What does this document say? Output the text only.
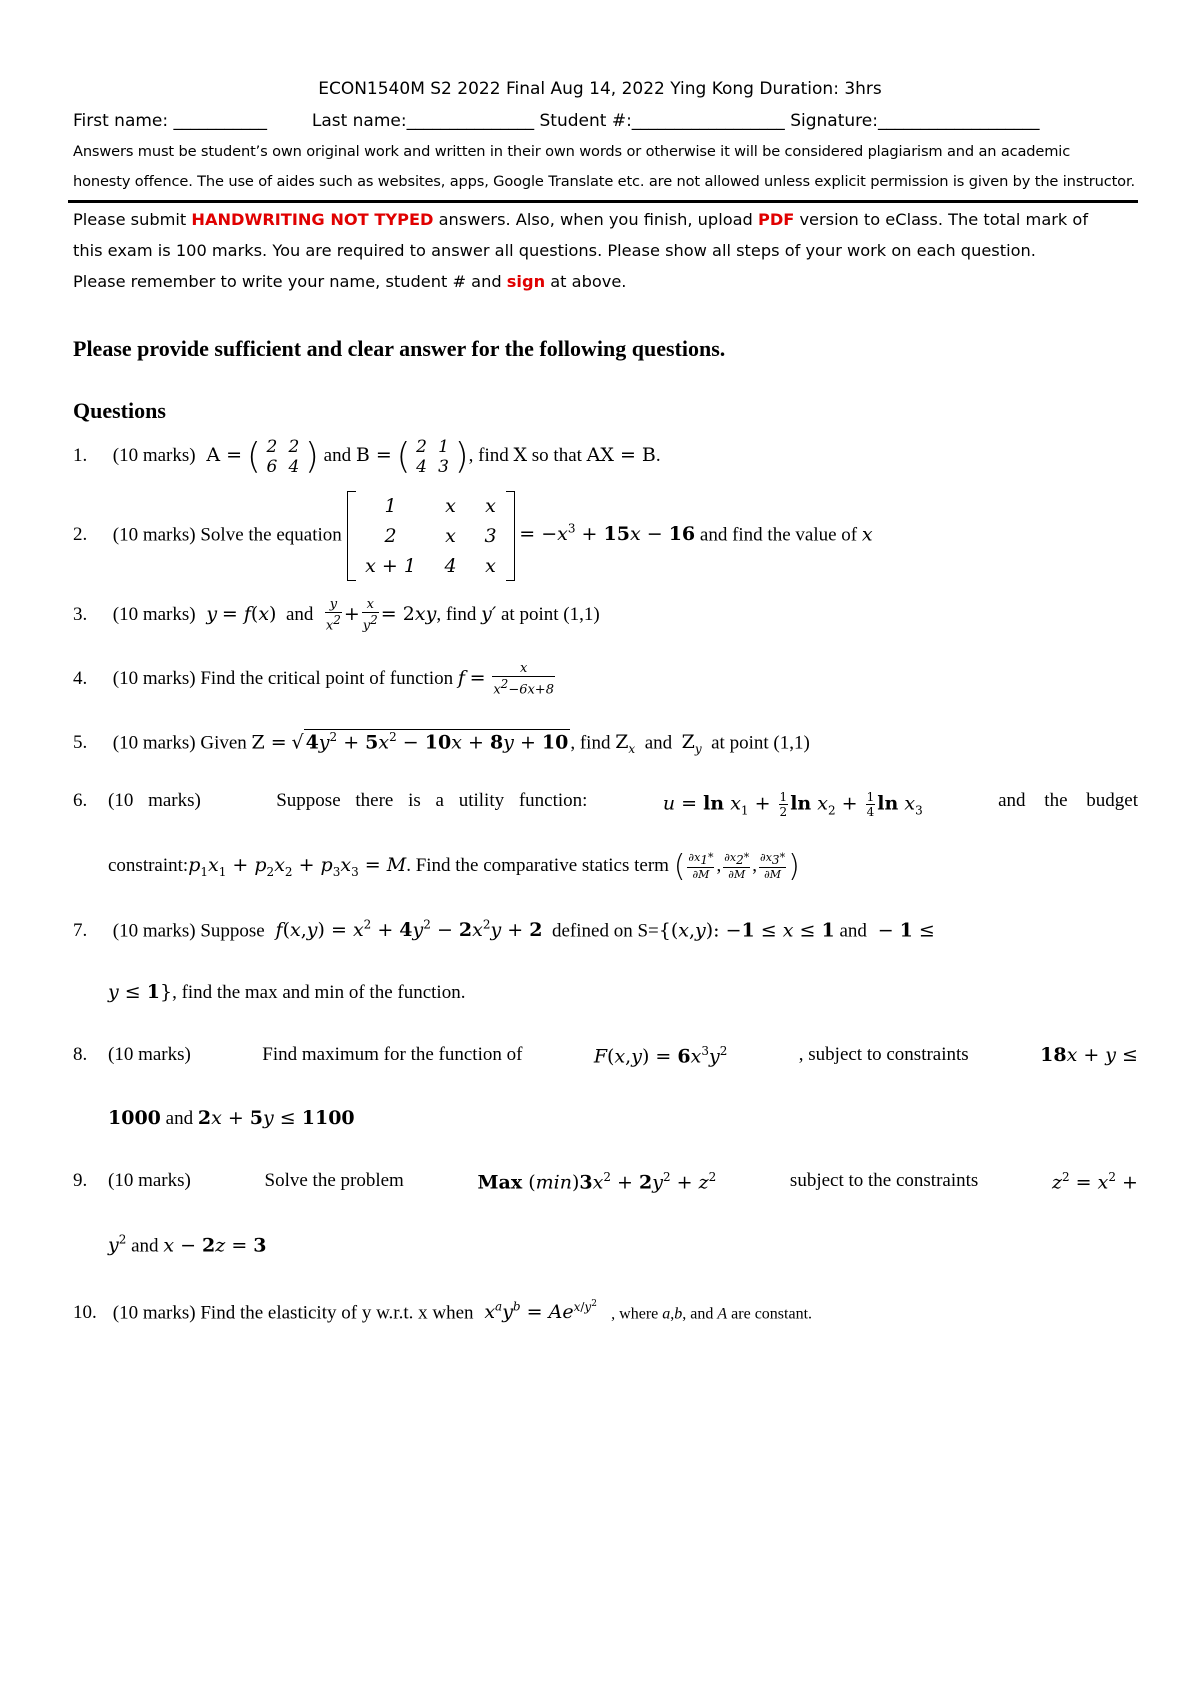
ECON1540M S2 2022 Final Aug 14, 2022 Ying Kong Duration: 3hrs
First name: ___________	Last name:_______________ Student #:__________________ Signature:___________________
Answers must be student’s own original work and written in their own words or otherwise it will be considered plagiarism and an academic
honesty offence. The use of aides such as websites, apps, Google Translate etc. are not allowed unless explicit permission is given by the instructor.
Please submit HANDWRITING NOT TYPED answers. Also, when you finish, upload PDF version to eClass. The total mark of
this exam is 100 marks. You are required to answer all questions. Please show all steps of your work on each question.
Please remember to write your name, student # and sign at above.
Please provide sufficient and clear answer for the following questions.
Questions
1. (10 marks)  A = ( 2 2
6 4 ) and B = ( 2 1
4 3 ), find X so that AX = B.
2. (10 marks) Solve the equation
1	x	x
2	x	3
x + 1	4	x
= $-x^3 + 15x - 16$ and find the value of x
3. (10 marks)  y = f(x) and $\frac{y}{x^2} + \frac{x}{y^2} = 2xy$, find y′ at point (1,1)
4. (10 marks) Find the critical point of function $f = \frac{x}{x^2-6x+8}$
5. (10 marks) Given Z = √ $4y^2 + 5x^2 - 10x + 8y + 10$ , find $Z_x$ and $Z_y$ at point (1,1)
6. (10 marks)	Suppose there is a utility function:	$u = \ln x_1 + \frac{1}{2}$ $\ln x_2 + \frac{1}{4}$ $\ln x_3$	and the budget
$constraint:p_1x_1 + p_2x_2 + p_3x_3 = M$. Find the comparative statics term ( $\frac{\partial x_1*}{\partial M}$ , $\frac{\partial x_2*}{\partial M}$ , $\frac{\partial x_3*}{\partial M}$ )
7. (10 marks) Suppose $f(x,y) = x^2 + 4y^2 - 2x^2y + 2$ defined on S={(x,y): −1 ≤ x ≤ 1 and  − 1 ≤
y ≤ 1}, find the max and min of the function.
8. (10 marks)	Find maximum for the function of	$F(x,y) = 6x^3y^2$	, subject to constraints	18x + y ≤
1000 and 2x + 5y ≤ 1100
9. (10 marks)	Solve the problem	Max $(\min)3x^2 + 2y^2 + z^2$	subject to the constraints	$z^2 = x^2$ +
$y^2$ and x − 2z = 3
10. (10 marks) Find the elasticity of y w.r.t. x when $x^ay^b = Ae^{x/y^2}$   , where a,b, and A are constant.
